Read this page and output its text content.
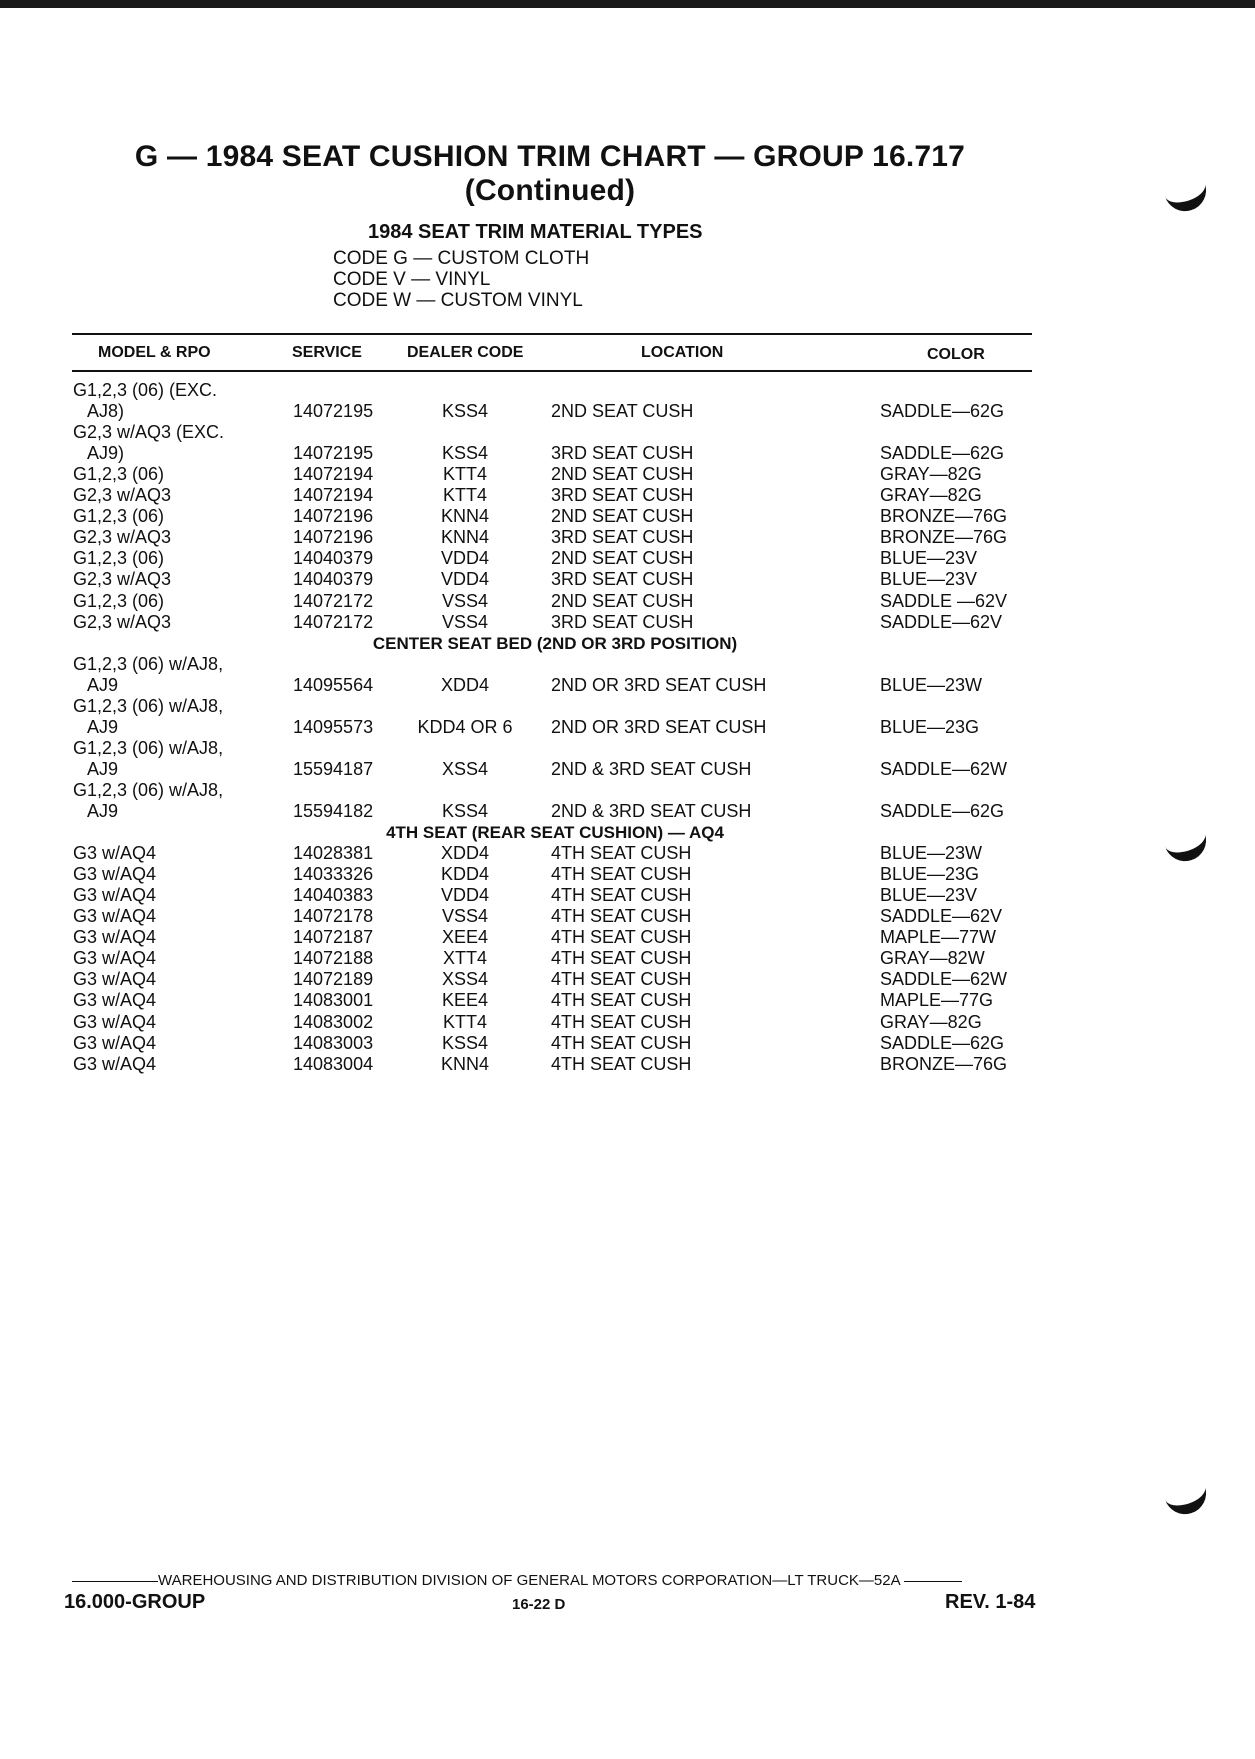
G — 1984 SEAT CUSHION TRIM CHART — GROUP 16.717
(Continued)
1984 SEAT TRIM MATERIAL TYPES
CODE G — CUSTOM CLOTH
CODE V — VINYL
CODE W — CUSTOM VINYL
MODEL & RPO	SERVICE	DEALER CODE	LOCATION	COLOR
G1,2,3 (06) (EXC.
AJ8)	14072195	KSS4	2ND SEAT CUSH	SADDLE—62G
G2,3 w/AQ3 (EXC.
AJ9)	14072195	KSS4	3RD SEAT CUSH	SADDLE—62G
G1,2,3 (06)	14072194	KTT4	2ND SEAT CUSH	GRAY—82G
G2,3 w/AQ3	14072194	KTT4	3RD SEAT CUSH	GRAY—82G
G1,2,3 (06)	14072196	KNN4	2ND SEAT CUSH	BRONZE—76G
G2,3 w/AQ3	14072196	KNN4	3RD SEAT CUSH	BRONZE—76G
G1,2,3 (06)	14040379	VDD4	2ND SEAT CUSH	BLUE—23V
G2,3 w/AQ3	14040379	VDD4	3RD SEAT CUSH	BLUE—23V
G1,2,3 (06)	14072172	VSS4	2ND SEAT CUSH	SADDLE —62V
G2,3 w/AQ3	14072172	VSS4	3RD SEAT CUSH	SADDLE—62V
CENTER SEAT BED (2ND OR 3RD POSITION)
G1,2,3 (06) w/AJ8,
AJ9	14095564	XDD4	2ND OR 3RD SEAT CUSH	BLUE—23W
G1,2,3 (06) w/AJ8,
AJ9	14095573	KDD4 OR 6	2ND OR 3RD SEAT CUSH	BLUE—23G
G1,2,3 (06) w/AJ8,
AJ9	15594187	XSS4	2ND & 3RD SEAT CUSH	SADDLE—62W
G1,2,3 (06) w/AJ8,
AJ9	15594182	KSS4	2ND & 3RD SEAT CUSH	SADDLE—62G
4TH SEAT (REAR SEAT CUSHION) — AQ4
G3 w/AQ4	14028381	XDD4	4TH SEAT CUSH	BLUE—23W
G3 w/AQ4	14033326	KDD4	4TH SEAT CUSH	BLUE—23G
G3 w/AQ4	14040383	VDD4	4TH SEAT CUSH	BLUE—23V
G3 w/AQ4	14072178	VSS4	4TH SEAT CUSH	SADDLE—62V
G3 w/AQ4	14072187	XEE4	4TH SEAT CUSH	MAPLE—77W
G3 w/AQ4	14072188	XTT4	4TH SEAT CUSH	GRAY—82W
G3 w/AQ4	14072189	XSS4	4TH SEAT CUSH	SADDLE—62W
G3 w/AQ4	14083001	KEE4	4TH SEAT CUSH	MAPLE—77G
G3 w/AQ4	14083002	KTT4	4TH SEAT CUSH	GRAY—82G
G3 w/AQ4	14083003	KSS4	4TH SEAT CUSH	SADDLE—62G
G3 w/AQ4	14083004	KNN4	4TH SEAT CUSH	BRONZE—76G
WAREHOUSING AND DISTRIBUTION DIVISION OF GENERAL MOTORS CORPORATION—LT TRUCK—52A
16.000-GROUP	16-22 D	REV. 1-84
